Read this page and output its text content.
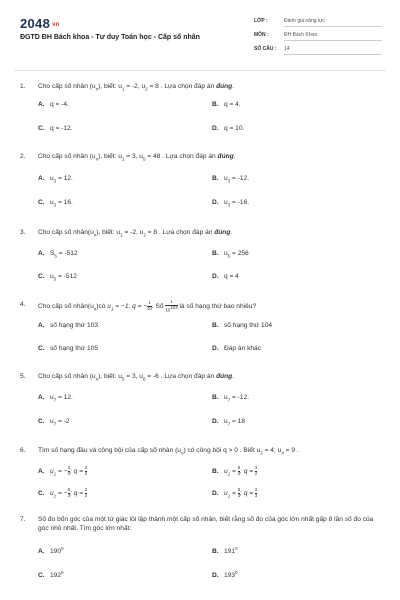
2048 vn
ĐGTD ĐH Bách khoa - Tư duy Toán học - Cấp số nhân
LỚP :	Đánh giá năng lực
MÔN :	ĐH Bách Khoa
SỐ CÂU : 14
1.	Cho cấp số nhân $(u_n)$, biết: $u_1 = -2$, $u_2 = 8$ . Lựa chọn đáp án đúng.
A. q = -4.	B. q = 4.
C. q = -12.	D. q = 10.
2.	Cho cấp số nhân $(u_n)$, biết: $u_1 = 3$, $u_5 = 48$ . Lựa chọn đáp án đúng.
A. $u_3 = 12$.	B. $u_3 = -12$.
C. $u_3 = 16$.	D. $u_3 = -16$.
3.	Cho cấp số $nhân(u_n)$, biết: $u_1 = -2$, $u_2 = 8$ . Lựa chọn đáp án đúng.
A. $S_5 = -512$	B. $u_5 = 256$
C. $u_5 = -512$	D. q = 4
4.	Cho cấp số $nhân(u_n)có$ $u_1 = -1$; q = − $\frac{1}{10}$ . Số $\frac{1}{10^{103}}$ là số hạng thứ bao nhiêu?
A. số hạng thứ 103	B. số hạng thứ 104
C. số hạng thứ 105	D. Đáp án khác
5.	Cho cấp số nhân $(u_n)$, biết: $u_5 = 3$, $u_6 = -6$ . Lựa chọn đáp án đúng.
A. $u_7 = 12$.	B. $u_7 = -12$.
C. $u_7 = -2$	D. $u_7 = 18$
6.	Tìm số hạng đầu và công bội của cấp số nhân $(u_n)$ có công bội q > 0 . Biết $u_2 = 4$; $u_4 = 9$ .
A. $u_1$ = − $\frac{3}{2}$ ; $q = \frac{3}{2}$	B. $u_1 = \frac{8}{3}$ ; $q = \frac{3}{2}$
C. $u_1$ = − $\frac{8}{3}$ ; $q = \frac{3}{2}$	D. $u_1 = \frac{8}{3}$ ; $q = \frac{2}{3}$
7.	Số đo bốn góc của một tứ giác lồi lập thành một cấp số nhân, biết rằng số đo của góc lớn nhất gấp 8 lần số đo của góc nhỏ nhất. Tìm góc lớn nhất:
A. $190^0$	B. $191^0$
C. $192^0$	D. $193^0$
